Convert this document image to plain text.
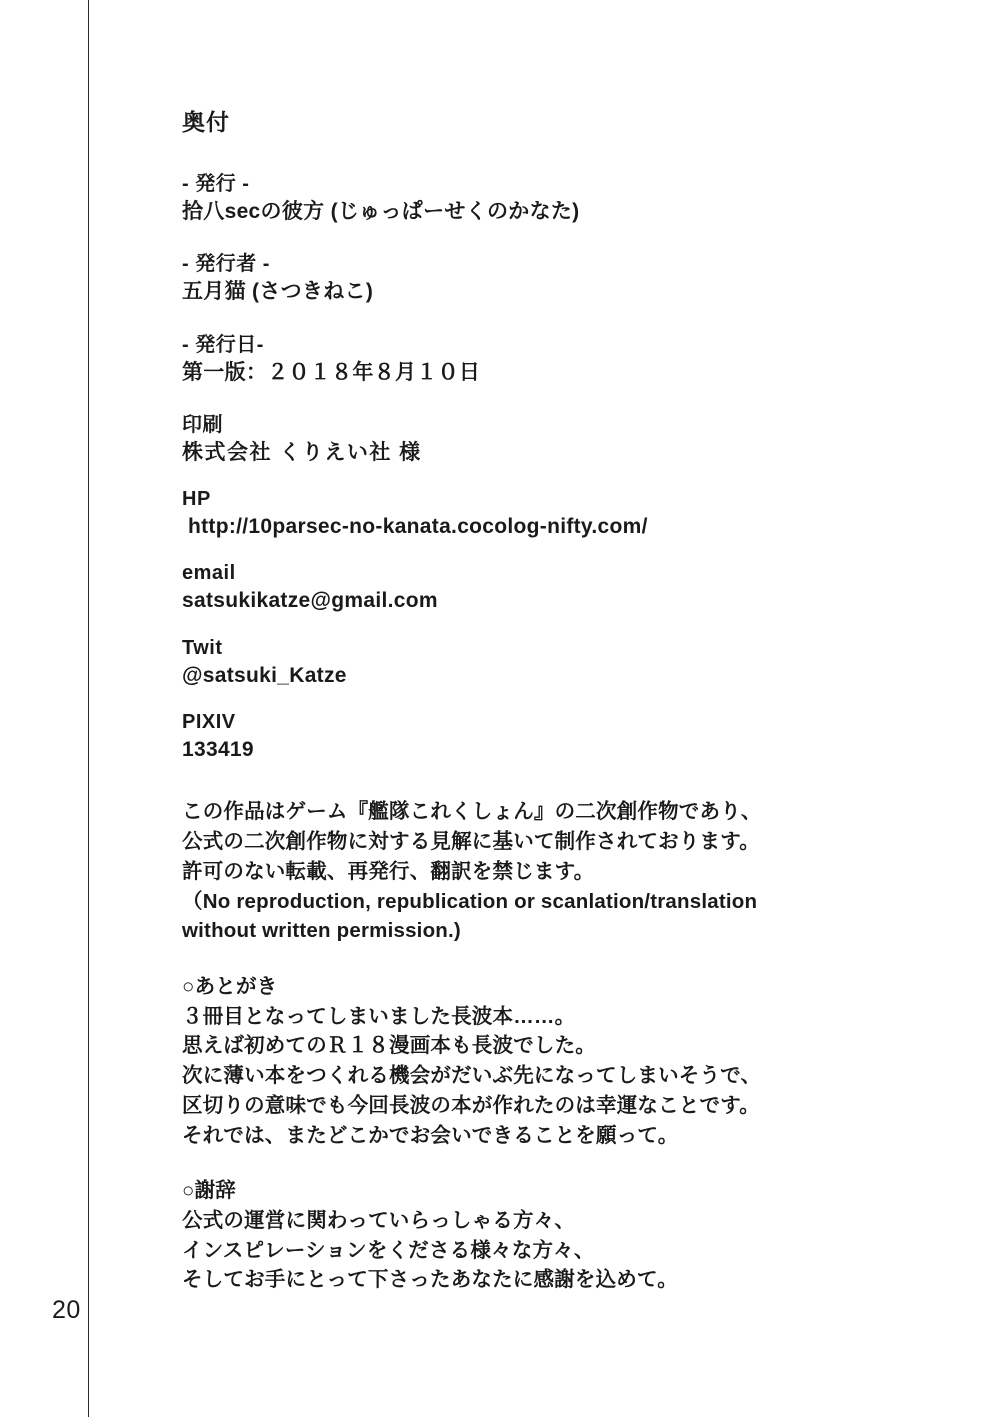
20
奥付

- 発行 -

拾八secの彼方 (じゅっぱーせくのかなた)

- 発行者 -

五月猫 (さつきねこ)

- 発行日-

第一版：２０１８年８月１０日

印刷

株式会社 くりえい社 様

HP

http://10parsec-no-kanata.cocolog-nifty.com/

email

satsukikatze@gmail.com

Twit

@satsuki_Katze

PIXIV

133419

この作品はゲーム『艦隊これくしょん』の二次創作物であり、

公式の二次創作物に対する見解に基いて制作されております。

許可のない転載、再発行、翻訳を禁じます。

（No reproduction, republication or scanlation/translation

without written permission.)

○あとがき

３冊目となってしまいました長波本……。

思えば初めてのＲ１８漫画本も長波でした。

次に薄い本をつくれる機会がだいぶ先になってしまいそうで、

区切りの意味でも今回長波の本が作れたのは幸運なことです。

それでは、またどこかでお会いできることを願って。

○謝辞

公式の運営に関わっていらっしゃる方々、

インスピレーションをくださる様々な方々、

そしてお手にとって下さったあなたに感謝を込めて。
